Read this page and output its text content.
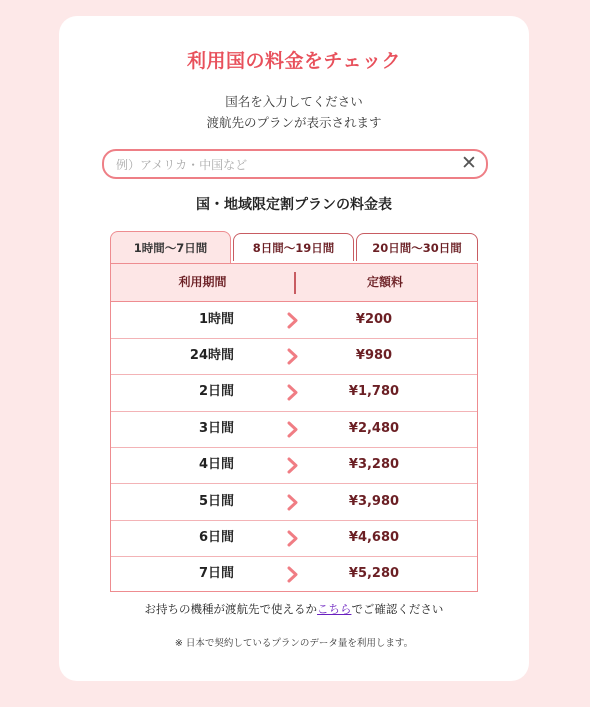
利用国の料金をチェック
国名を入力してください
渡航先のプランが表示されます
例）アメリカ・中国など
✕
国・地域限定割プランの料金表
1時間〜7日間	8日間〜19日間	20日間〜30日間
利用期間	定額料
1時間	¥200
24時間	¥980
2日間	¥1,780
3日間	¥2,480
4日間	¥3,280
5日間	¥3,980
6日間	¥4,680
7日間	¥5,280
お持ちの機種が渡航先で使えるかこちらでご確認ください
※ 日本で契約しているプランのデータ量を利用します。
